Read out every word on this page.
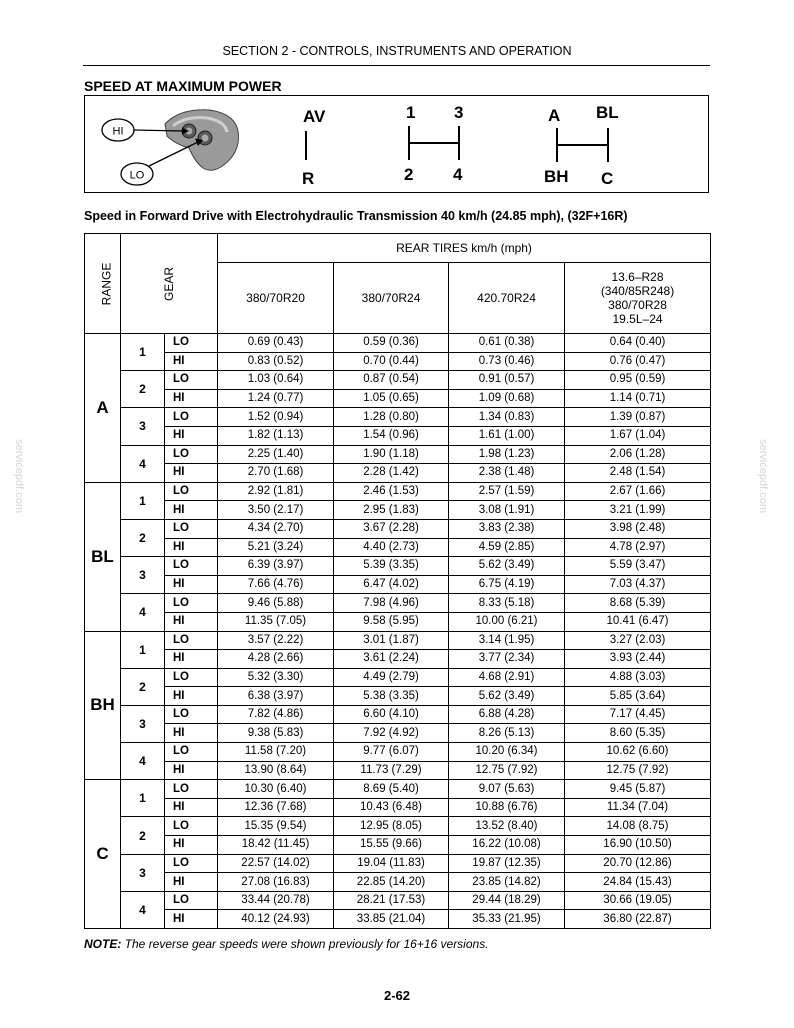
SECTION 2 - CONTROLS, INSTRUMENTS AND OPERATION
SPEED AT MAXIMUM POWER
HI
LO
AV
R
1 3
2 4
A BL
BH C
Speed in Forward Drive with Electrohydraulic Transmission 40 km/h (24.85 mph), (32F+16R)
RANGE	GEAR		REAR TIRES km/h (mph)			
			380/70R20	380/70R24	420.70R24	13.6–R28
(340/85R248)
380/70R28
19.5L–24

A	1	LO	0.69 (0.43)	0.59 (0.36)	0.61 (0.38)	0.64 (0.40)
		HI	0.83 (0.52)	0.70 (0.44)	0.73 (0.46)	0.76 (0.47)
	2	LO	1.03 (0.64)	0.87 (0.54)	0.91 (0.57)	0.95 (0.59)
		HI	1.24 (0.77)	1.05 (0.65)	1.09 (0.68)	1.14 (0.71)
	3	LO	1.52 (0.94)	1.28 (0.80)	1.34 (0.83)	1.39 (0.87)
		HI	1.82 (1.13)	1.54 (0.96)	1.61 (1.00)	1.67 (1.04)
	4	LO	2.25 (1.40)	1.90 (1.18)	1.98 (1.23)	2.06 (1.28)
		HI	2.70 (1.68)	2.28 (1.42)	2.38 (1.48)	2.48 (1.54)
BL	1	LO	2.92 (1.81)	2.46 (1.53)	2.57 (1.59)	2.67 (1.66)
		HI	3.50 (2.17)	2.95 (1.83)	3.08 (1.91)	3.21 (1.99)
	2	LO	4.34 (2.70)	3.67 (2.28)	3.83 (2.38)	3.98 (2.48)
		HI	5.21 (3.24)	4.40 (2.73)	4.59 (2.85)	4.78 (2.97)
	3	LO	6.39 (3.97)	5.39 (3.35)	5.62 (3.49)	5.59 (3.47)
		HI	7.66 (4.76)	6.47 (4.02)	6.75 (4.19)	7.03 (4.37)
	4	LO	9.46 (5.88)	7.98 (4.96)	8.33 (5.18)	8.68 (5.39)
		HI	11.35 (7.05)	9.58 (5.95)	10.00 (6.21)	10.41 (6.47)
BH	1	LO	3.57 (2.22)	3.01 (1.87)	3.14 (1.95)	3.27 (2.03)
		HI	4.28 (2.66)	3.61 (2.24)	3.77 (2.34)	3.93 (2.44)
	2	LO	5.32 (3.30)	4.49 (2.79)	4.68 (2.91)	4.88 (3.03)
		HI	6.38 (3.97)	5.38 (3.35)	5.62 (3.49)	5.85 (3.64)
	3	LO	7.82 (4.86)	6.60 (4.10)	6.88 (4.28)	7.17 (4.45)
		HI	9.38 (5.83)	7.92 (4.92)	8.26 (5.13)	8.60 (5.35)
	4	LO	11.58 (7.20)	9.77 (6.07)	10.20 (6.34)	10.62 (6.60)
		HI	13.90 (8.64)	11.73 (7.29)	12.75 (7.92)	12.75 (7.92)
C	1	LO	10.30 (6.40)	8.69 (5.40)	9.07 (5.63)	9.45 (5.87)
		HI	12.36 (7.68)	10.43 (6.48)	10.88 (6.76)	11.34 (7.04)
	2	LO	15.35 (9.54)	12.95 (8.05)	13.52 (8.40)	14.08 (8.75)
		HI	18.42 (11.45)	15.55 (9.66)	16.22 (10.08)	16.90 (10.50)
	3	LO	22.57 (14.02)	19.04 (11.83)	19.87 (12.35)	20.70 (12.86)
		HI	27.08 (16.83)	22.85 (14.20)	23.85 (14.82)	24.84 (15.43)
	4	LO	33.44 (20.78)	28.21 (17.53)	29.44 (18.29)	30.66 (19.05)
		HI	40.12 (24.93)	33.85 (21.04)	35.33 (21.95)	36.80 (22.87)
NOTE: The reverse gear speeds were shown previously for 16+16 versions.
2-62
servicepdf.com	servicepdf.com
